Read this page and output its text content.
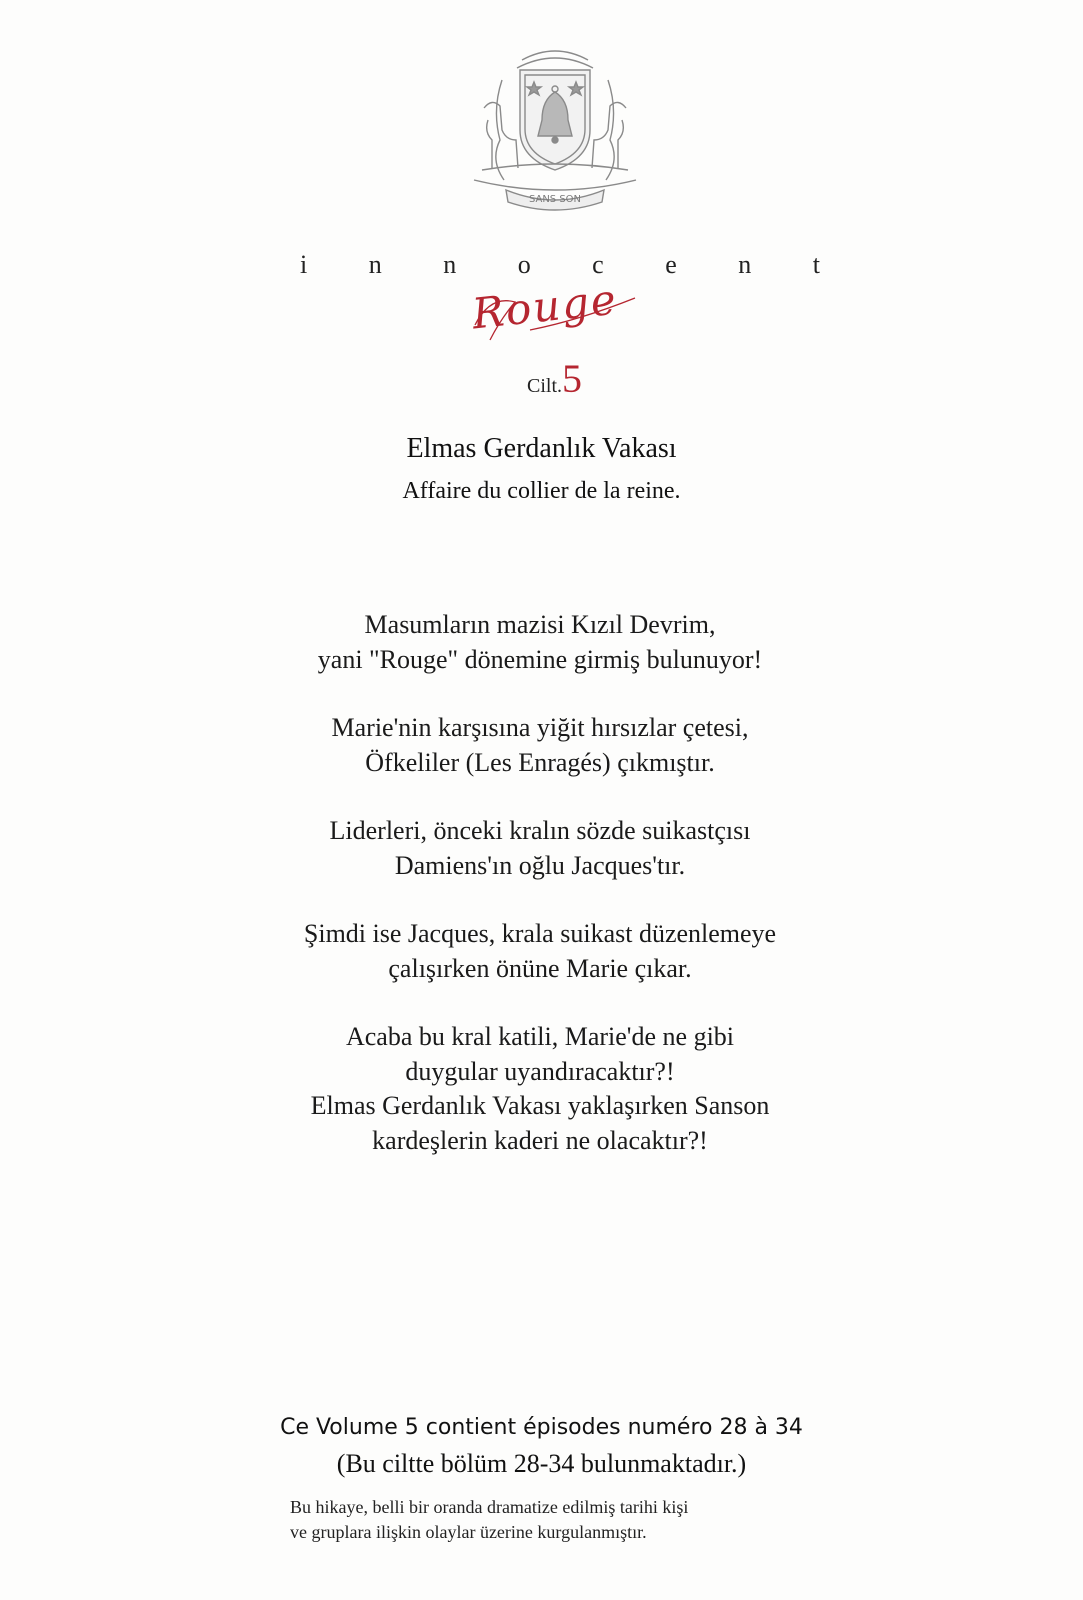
SANS SON
i n n o c e n t
Rouge
Cilt.5
Elmas Gerdanlık Vakası
Affaire du collier de la reine.
Masumların mazisi Kızıl Devrim,
yani "Rouge" dönemine girmiş bulunuyor!
Marie'nin karşısına yiğit hırsızlar çetesi,
Öfkeliler (Les Enragés) çıkmıştır.
Liderleri, önceki kralın sözde suikastçısı
Damiens'ın oğlu Jacques'tır.
Şimdi ise Jacques, krala suikast düzenlemeye
çalışırken önüne Marie çıkar.
Acaba bu kral katili, Marie'de ne gibi
duygular uyandıracaktır?!
Elmas Gerdanlık Vakası yaklaşırken Sanson
kardeşlerin kaderi ne olacaktır?!
Ce Volume 5 contient épisodes numéro 28 à 34
(Bu ciltte bölüm 28-34 bulunmaktadır.)
Bu hikaye, belli bir oranda dramatize edilmiş tarihi kişi
ve gruplara ilişkin olaylar üzerine kurgulanmıştır.
